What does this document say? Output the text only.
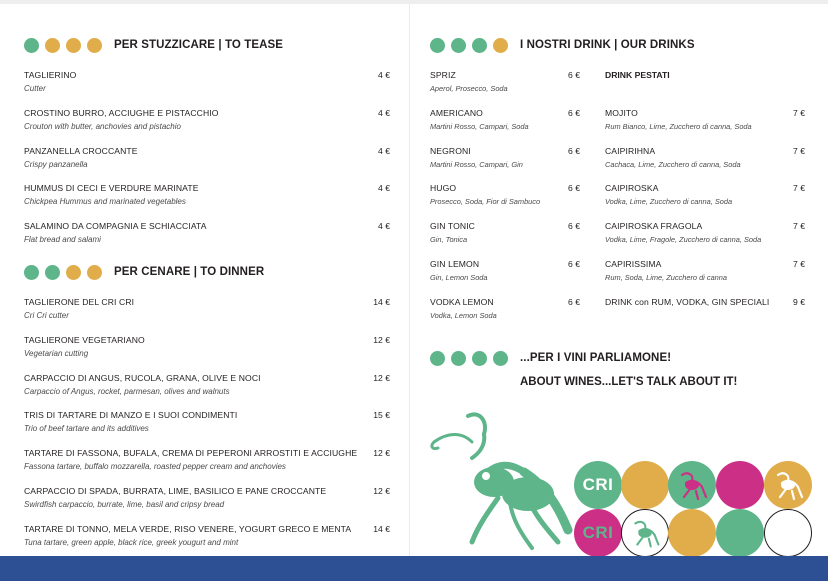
PER STUZZICARE | TO TEASE
TAGLIERINO
Cutter
4 €
CROSTINO BURRO, ACCIUGHE E PISTACCHIO
Crouton with butter, anchovies and pistachio
4 €
PANZANELLA CROCCANTE
Crispy panzanella
4 €
HUMMUS DI CECI E VERDURE MARINATE
Chickpea Hummus and marinated vegetables
4 €
SALAMINO DA COMPAGNIA E SCHIACCIATA
Flat bread and salami
4 €
PER CENARE | TO DINNER
TAGLIERONE DEL CRI CRI
Cri Cri cutter
14 €
TAGLIERONE VEGETARIANO
Vegetarian cutting
12 €
CARPACCIO DI ANGUS, RUCOLA, GRANA, OLIVE E NOCI
Carpaccio of Angus, rocket, parmesan, olives and walnuts
12 €
TRIS DI TARTARE DI MANZO E I SUOI CONDIMENTI
Trio of beef tartare and its additives
15 €
TARTARE DI FASSONA, BUFALA, CREMA DI PEPERONI ARROSTITI E ACCIUGHE
Fassona tartare, buffalo mozzarella, roasted pepper cream and anchovies
12 €
CARPACCIO DI SPADA, BURRATA, LIME, BASILICO E PANE CROCCANTE
Swirdfish carpaccio, burrate, lime, basil and cripsy bread
12 €
TARTARE DI TONNO, MELA VERDE, RISO VENERE, YOGURT GRECO E MENTA
Tuna tartare, green apple, black rice, greek yougurt and mint
14 €
I NOSTRI DRINK | OUR DRINKS
SPRIZ
Aperol, Prosecco, Soda
6 €
AMERICANO
Martini Rosso, Campari, Soda
6 €
NEGRONI
Martini Rosso, Campari, Gin
6 €
HUGO
Prosecco, Soda, Fior di Sambuco
6 €
GIN TONIC
Gin, Tonica
6 €
GIN LEMON
Gin, Lemon Soda
6 €
VODKA LEMON
Vodka, Lemon Soda
6 €
DRINK PESTATI
MOJITO
Rum Bianco, Lime, Zucchero di canna, Soda
7 €
CAIPIRIHNA
Cachaca, Lime, Zucchero di canna, Soda
7 €
CAIPIROSKA
Vodka, Lime, Zucchero di canna, Soda
7 €
CAIPIROSKA FRAGOLA
Vodka, Lime, Fragole, Zucchero di canna, Soda
7 €
CAPIRISSIMA
Rum, Soda, Lime, Zucchero di canna
7 €
DRINK con RUM, VODKA, GIN SPECIALI	9 €
...PER I VINI PARLIAMONE!
ABOUT WINES...LET'S TALK ABOUT IT!
CRI
CRI
